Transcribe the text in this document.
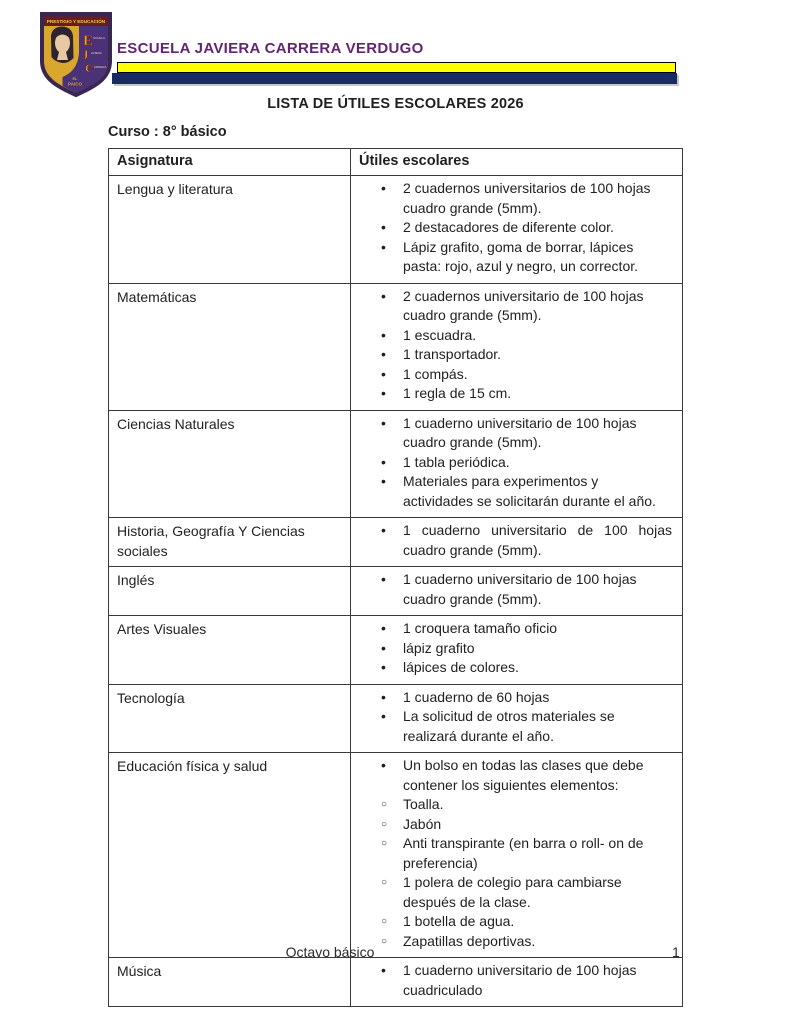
PRESTIGIO Y EDUCACIÓN
E SCUELA
J AVIERA
C ARRERA
EL
PAICO
ESCUELA JAVIERA CARRERA VERDUGO
LISTA DE ÚTILES ESCOLARES 2026
Curso : 8° básico
Asignatura	Útiles escolares
Lengua y literatura	•	2 cuadernos universitarios de 100 hojas cuadro grande (5mm).
•	2 destacadores de diferente color.
•	Lápiz grafito, goma de borrar, lápices pasta: rojo, azul y negro, un corrector.

Matemáticas	•	2 cuadernos universitario de 100 hojas cuadro grande (5mm).
•	1 escuadra.
•	1 transportador.
•	1 compás.
•	1 regla de 15 cm.

Ciencias Naturales	•	1 cuaderno universitario de 100 hojas cuadro grande (5mm).
•	1 tabla periódica.
•	Materiales para experimentos y actividades se solicitarán durante el año.

Historia, Geografía Y Ciencias sociales	• 1 cuaderno universitario de 100 hojas cuadro grande (5mm).

Inglés	• 1 cuaderno universitario de 100 hojas cuadro grande (5mm).

Artes Visuales	•	1 croquera tamaño oficio
•	lápiz grafito
•	lápices de colores.

Tecnología	• 1 cuaderno de 60 hojas
• La solicitud de otros materiales se realizará durante el año.

Educación física y salud	•	Un bolso en todas las clases que debe contener los siguientes elementos:
○	Toalla.
○	Jabón
○	Anti transpirante (en barra o roll- on de preferencia)
○	1 polera de colegio para cambiarse después de la clase.
○	1 botella de agua.
○	Zapatillas deportivas.

Música	• 1 cuaderno universitario de 100 hojas cuadriculado
Octavo básico	1
